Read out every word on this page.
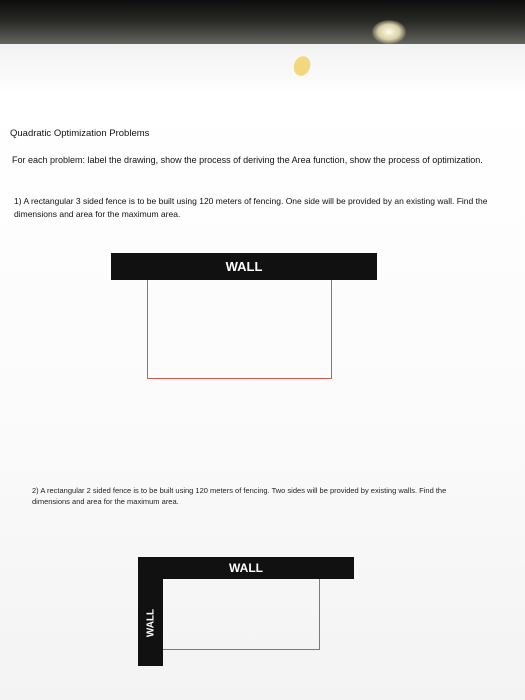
Quadratic Optimization Problems
For each problem: label the drawing, show the process of deriving the Area function, show the process of optimization.
1) A rectangular 3 sided fence is to be built using 120 meters of fencing. One side will be provided by an existing wall. Find the dimensions and area for the maximum area.
WALL
2) A rectangular 2 sided fence is to be built using 120 meters of fencing. Two sides will be provided by existing walls. Find the dimensions and area for the maximum area.
WALL
WALL
